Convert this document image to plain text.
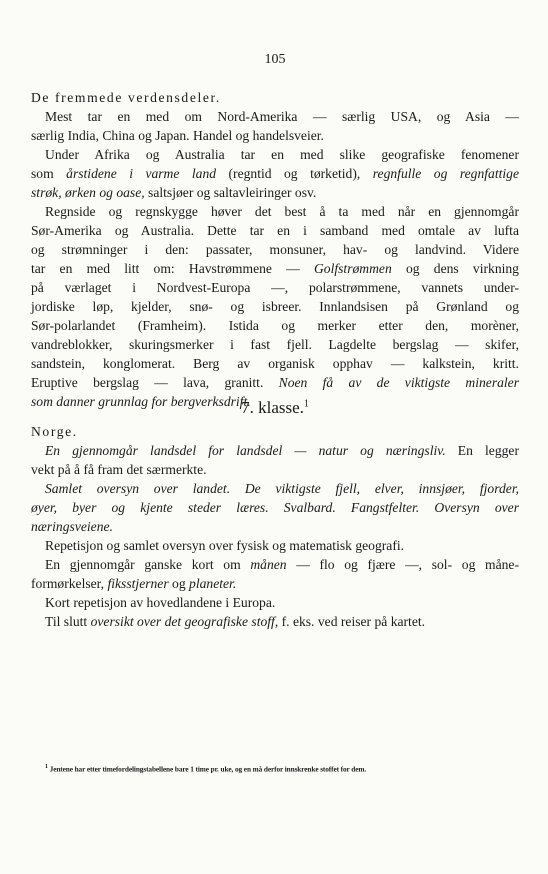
105
De fremmede verdensdeler.
Mest tar en med om Nord-Amerika — særlig USA, og Asia —
særlig India, China og Japan. Handel og handelsveier.
Under Afrika og Australia tar en med slike geografiske fenomener
som årstidene i varme land (regntid og tørketid), regnfulle og regnfattige
strøk, ørken og oase, saltsjøer og saltavleiringer osv.
Regnside og regnskygge høver det best å ta med når en gjennomgår
Sør-Amerika og Australia. Dette tar en i samband med omtale av lufta
og strømninger i den: passater, monsuner, hav- og landvind. Videre
tar en med litt om: Havstrømmene — Golfstrømmen og dens virkning
på værlaget i Nordvest-Europa —, polarstrømmene, vannets under-
jordiske løp, kjelder, snø- og isbreer. Innlandsisen på Grønland og
Sør-polarlandet (Framheim). Istida og merker etter den, morèner,
vandreblokker, skuringsmerker i fast fjell. Lagdelte bergslag — skifer,
sandstein, konglomerat. Berg av organisk opphav — kalkstein, kritt.
Eruptive bergslag — lava, granitt. Noen få av de viktigste mineraler
som danner grunnlag for bergverksdrift.
7. klasse.$^1$
Norge.
En gjennomgår landsdel for landsdel — natur og næringsliv. En legger
vekt på å få fram det særmerkte.
Samlet oversyn over landet. De viktigste fjell, elver, innsjøer, fjorder,
øyer, byer og kjente steder læres. Svalbard. Fangstfelter. Oversyn over
næringsveiene.
Repetisjon og samlet oversyn over fysisk og matematisk geografi.
En gjennomgår ganske kort om månen — flo og fjære —, sol- og måne-
formørkelser, fiksstjerner og planeter.
Kort repetisjon av hovedlandene i Europa.
Til slutt oversikt over det geografiske stoff, f. eks. ved reiser på kartet.
$^1$ Jentene har etter timefordelingstabellene bare 1 time pr. uke, og en må derfor innskrenke stoffet for dem.
